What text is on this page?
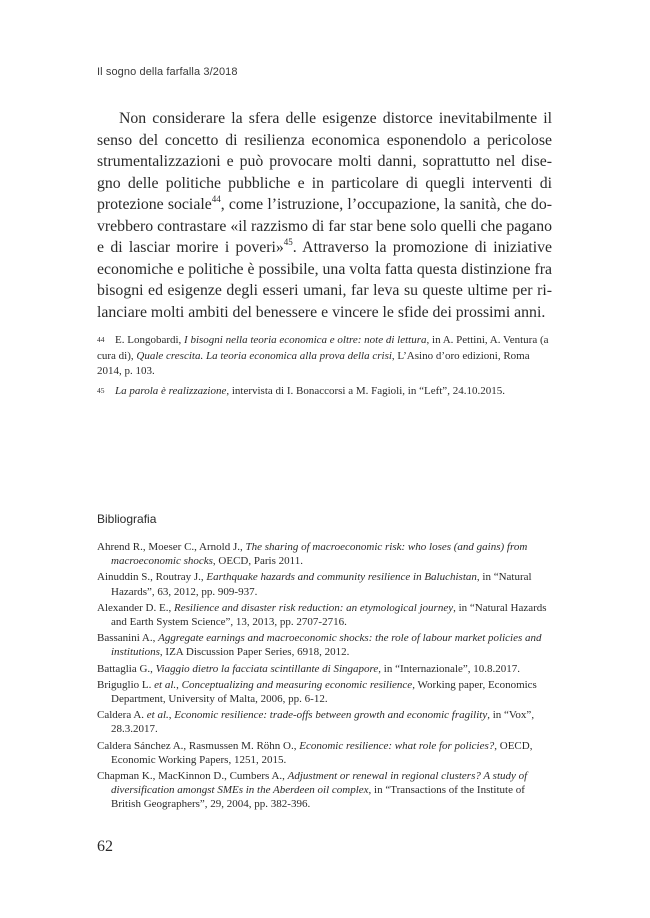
Il sogno della farfalla 3/2018

Non considerare la sfera delle esigenze distorce inevitabilmente il senso del concetto di resilienza economica esponendolo a pericolose strumentalizzazioni e può provocare molti danni, soprattutto nel disegno delle politiche pubbliche e in particolare di quegli interventi di protezione sociale$^{44}$, come l’istruzione, l’occupazione, la sanità, che dovrebbero contrastare «il razzismo di far star bene solo quelli che pagano e di lasciar morire i poveri»$^{45}$. Attraverso la promozione di iniziative economiche e politiche è possibile, una volta fatta questa distinzione fra bisogni ed esigenze degli esseri umani, far leva su queste ultime per rilanciare molti ambiti del benessere e vincere le sfide dei prossimi anni.

44 E. Longobardi, I bisogni nella teoria economica e oltre: note di lettura, in A. Pettini, A. Ventura (a cura di), Quale crescita. La teoria economica alla prova della crisi, L’Asino d’oro edizioni, Roma 2014, p. 103.

45 La parola è realizzazione, intervista di I. Bonaccorsi a M. Fagioli, in “Left”, 24.10.2015.

Bibliografia
Ahrend R., Moeser C., Arnold J., The sharing of macroeconomic risk: who loses (and gains) from macroeconomic shocks, OECD, Paris 2011.
Ainuddin S., Routray J., Earthquake hazards and community resilience in Baluchistan, in “Natural Hazards”, 63, 2012, pp. 909-937.
Alexander D. E., Resilience and disaster risk reduction: an etymological journey, in “Natural Hazards and Earth System Science”, 13, 2013, pp. 2707-2716.
Bassanini A., Aggregate earnings and macroeconomic shocks: the role of labour market policies and institutions, IZA Discussion Paper Series, 6918, 2012.
Battaglia G., Viaggio dietro la facciata scintillante di Singapore, in “Internazionale”, 10.8.2017.
Briguglio L. et al., Conceptualizing and measuring economic resilience, Working paper, Economics Department, University of Malta, 2006, pp. 6-12.
Caldera A. et al., Economic resilience: trade-offs between growth and economic fragility, in “Vox”, 28.3.2017.
Caldera Sánchez A., Rasmussen M. Röhn O., Economic resilience: what role for policies?, OECD, Economic Working Papers, 1251, 2015.
Chapman K., MacKinnon D., Cumbers A., Adjustment or renewal in regional clusters? A study of diversification amongst SMEs in the Aberdeen oil complex, in “Transactions of the Institute of British Geographers”, 29, 2004, pp. 382-396.
62
